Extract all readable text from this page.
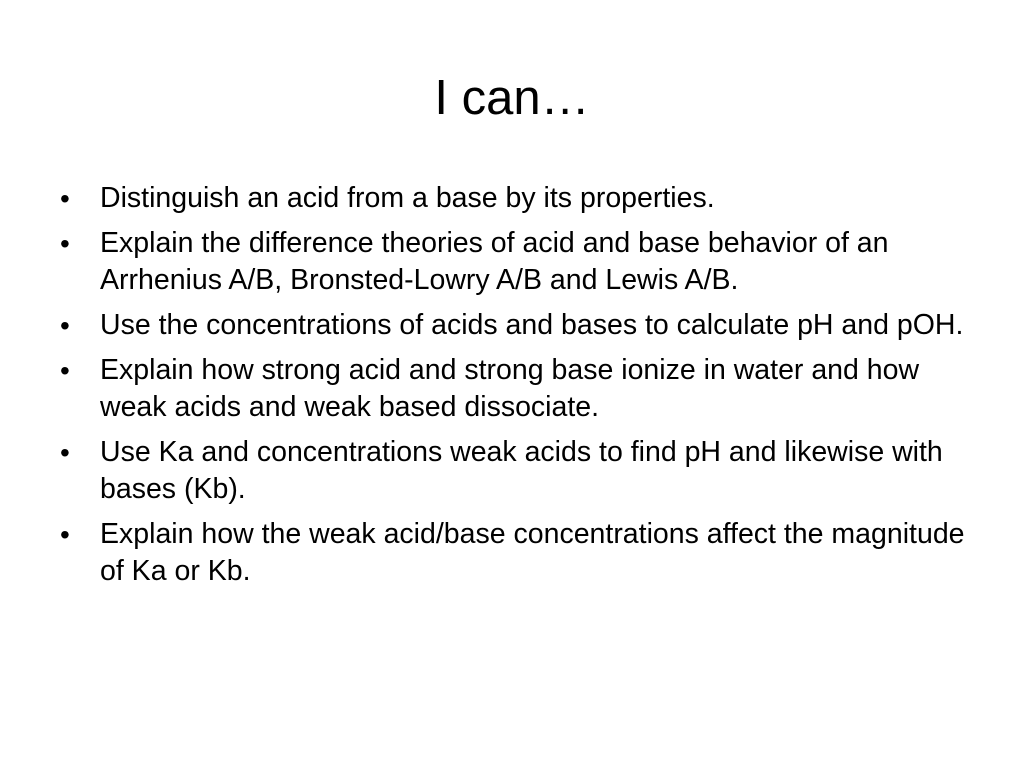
I can…
• Distinguish an acid from a base by its properties.
• Explain the difference theories of acid and base behavior of an Arrhenius A/B, Bronsted-Lowry A/B and Lewis A/B.
• Use the concentrations of acids and bases to calculate pH and pOH.
• Explain how strong acid and strong base ionize in water and how weak acids and weak based dissociate.
• Use Ka and concentrations weak acids to find pH and likewise with bases (Kb).
• Explain how the weak acid/base concentrations affect the magnitude of Ka or Kb.
